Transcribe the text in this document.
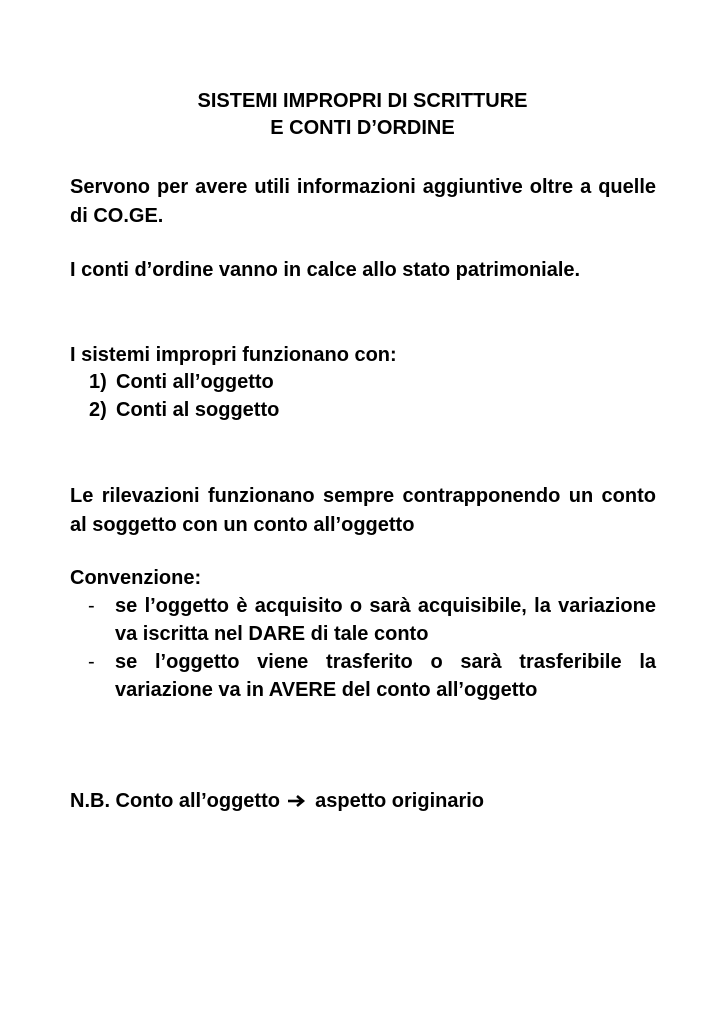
SISTEMI IMPROPRI DI SCRITTURE
E CONTI D’ORDINE

Servono per avere utili informazioni aggiuntive oltre a quelle di CO.GE.

I conti d’ordine vanno in calce allo stato patrimoniale.

I sistemi impropri funzionano con:

1) Conti all’oggetto
2) Conti al soggetto

Le rilevazioni funzionano sempre contrapponendo un conto al soggetto con un conto all’oggetto

Convenzione:

-	se l’oggetto è acquisito o sarà acquisibile, la variazione va iscritta nel DARE di tale conto
-	se l’oggetto viene trasferito o sarà trasferibile la variazione va in AVERE del conto all’oggetto

N.B. Conto all’oggetto aspetto originario
